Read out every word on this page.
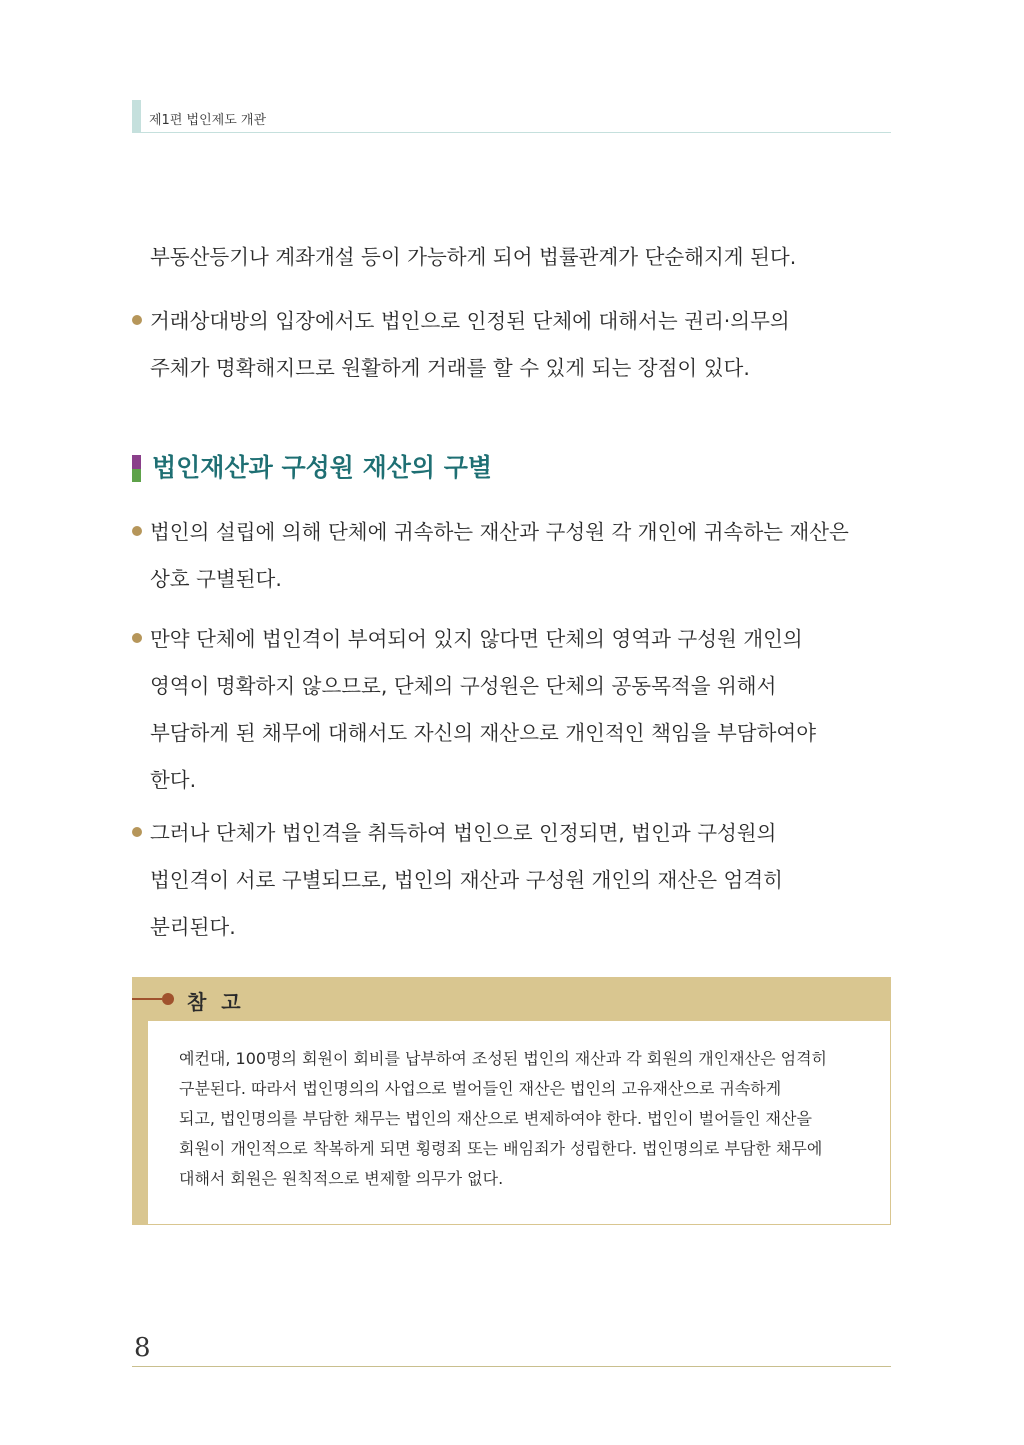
제1편 법인제도 개관
부동산등기나 계좌개설 등이 가능하게 되어 법률관계가 단순해지게 된다.
거래상대방의 입장에서도 법인으로 인정된 단체에 대해서는 권리·의무의
주체가 명확해지므로 원활하게 거래를 할 수 있게 되는 장점이 있다.
법인재산과 구성원 재산의 구별
법인의 설립에 의해 단체에 귀속하는 재산과 구성원 각 개인에 귀속하는 재산은
상호 구별된다.
만약 단체에 법인격이 부여되어 있지 않다면 단체의 영역과 구성원 개인의
영역이 명확하지 않으므로, 단체의 구성원은 단체의 공동목적을 위해서
부담하게 된 채무에 대해서도 자신의 재산으로 개인적인 책임을 부담하여야
한다.
그러나 단체가 법인격을 취득하여 법인으로 인정되면, 법인과 구성원의
법인격이 서로 구별되므로, 법인의 재산과 구성원 개인의 재산은 엄격히
분리된다.
참 고
예컨대, 100명의 회원이 회비를 납부하여 조성된 법인의 재산과 각 회원의 개인재산은 엄격히
구분된다. 따라서 법인명의의 사업으로 벌어들인 재산은 법인의 고유재산으로 귀속하게
되고, 법인명의를 부담한 채무는 법인의 재산으로 변제하여야 한다. 법인이 벌어들인 재산을
회원이 개인적으로 착복하게 되면 횡령죄 또는 배임죄가 성립한다. 법인명의로 부담한 채무에
대해서 회원은 원칙적으로 변제할 의무가 없다.
8
